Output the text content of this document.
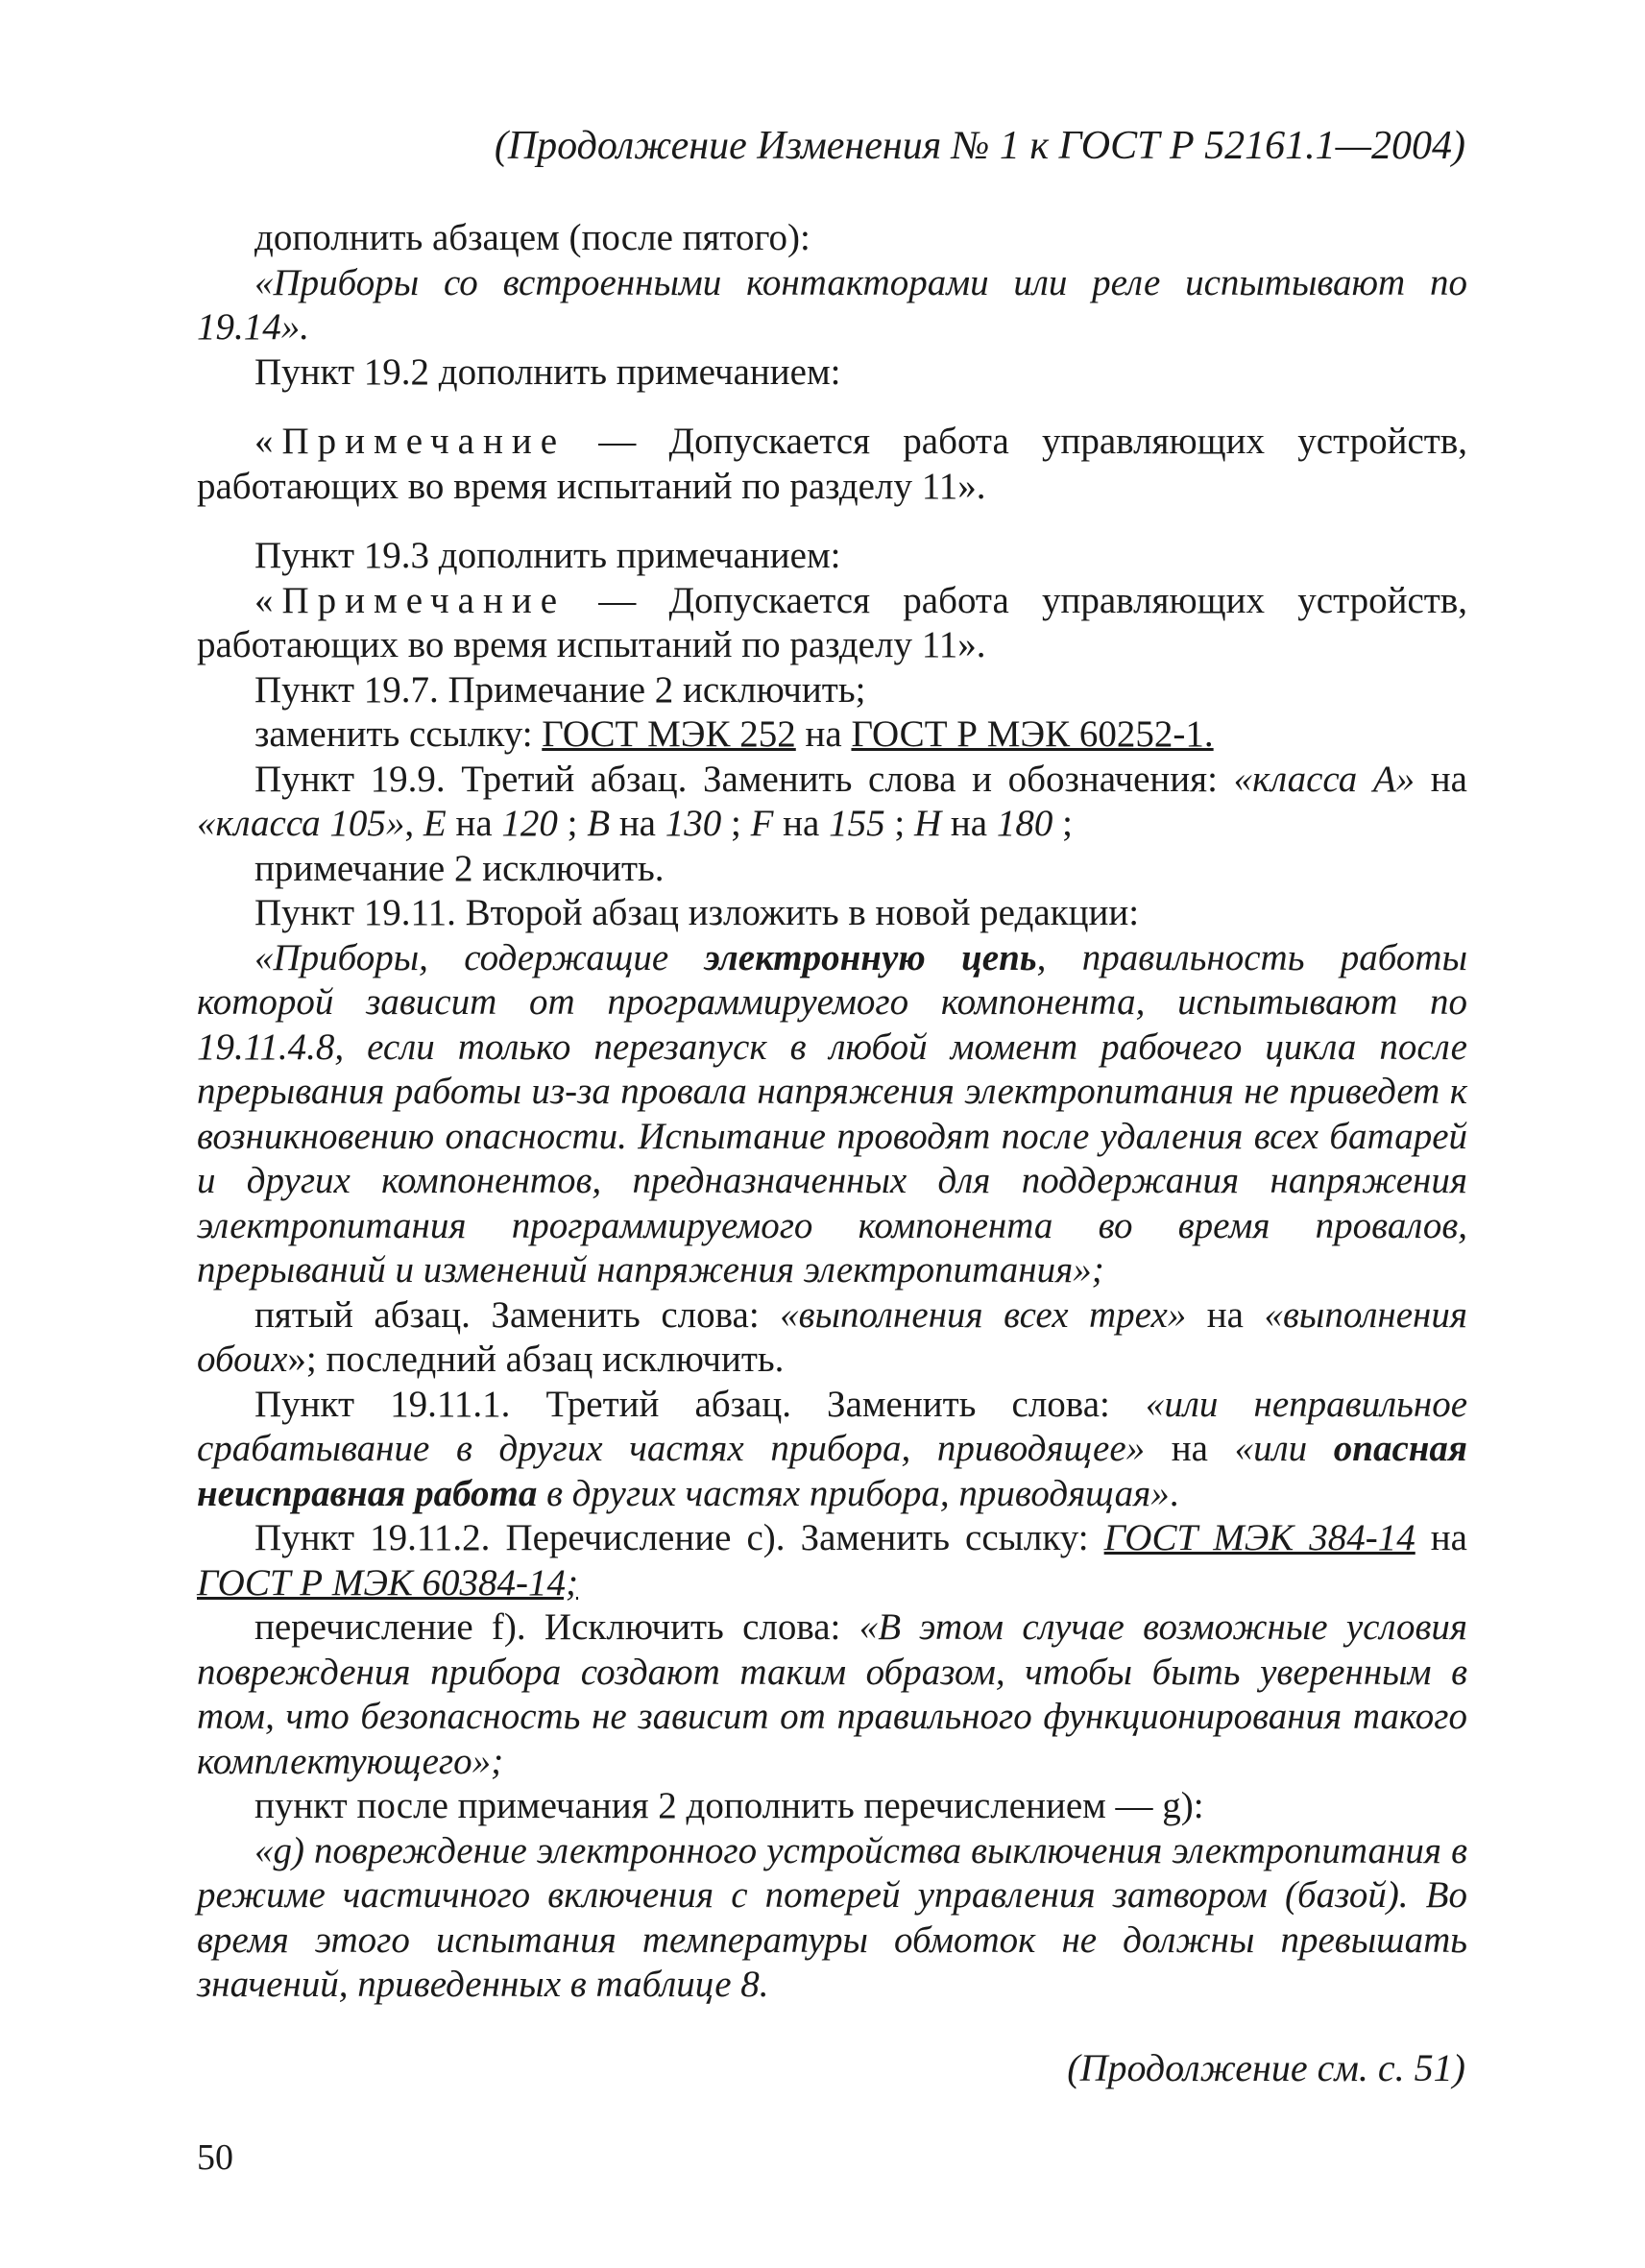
(Продолжение Изменения № 1 к ГОСТ Р 52161.1—2004)

дополнить абзацем (после пятого):

«Приборы со встроенными контакторами или реле испытывают по 19.14».

Пункт 19.2 дополнить примечанием:

«Примечание — Допускается работа управляющих устройств, работающих во время испытаний по разделу 11».

Пункт 19.3 дополнить примечанием:

«Примечание — Допускается работа управляющих устройств, работающих во время испытаний по разделу 11».

Пункт 19.7. Примечание 2 исключить;

заменить ссылку: ГОСТ МЭК 252 на ГОСТ Р МЭК 60252-1.

Пункт 19.9. Третий абзац. Заменить слова и обозначения: «класса А» на «класса 105», Е на 120 ; В на 130 ; F на 155 ; Н на 180 ;

примечание 2 исключить.

Пункт 19.11. Второй абзац изложить в новой редакции:

«Приборы, содержащие электронную цепь, правильность работы которой зависит от программируемого компонента, испытывают по 19.11.4.8, если только перезапуск в любой момент рабочего цикла после прерывания работы из-за провала напряжения электропитания не приведет к возникновению опасности. Испытание проводят после удаления всех батарей и других компонентов, предназначенных для поддержания напряжения электропитания программируемого компонента во время провалов, прерываний и изменений напряжения электропитания»;

пятый абзац. Заменить слова: «выполнения всех трех» на «выполнения обоих»; последний абзац исключить.

Пункт 19.11.1. Третий абзац. Заменить слова: «или неправильное срабатывание в других частях прибора, приводящее» на «или опасная неисправная работа в других частях прибора, приводящая».

Пункт 19.11.2. Перечисление с). Заменить ссылку: ГОСТ МЭК 384-14 на ГОСТ Р МЭК 60384-14;

перечисление f). Исключить слова: «В этом случае возможные условия повреждения прибора создают таким образом, чтобы быть уверенным в том, что безопасность не зависит от правильного функционирования такого комплектующего»;

пункт после примечания 2 дополнить перечислением — g):

«g) повреждение электронного устройства выключения электропитания в режиме частичного включения с потерей управления затвором (базой). Во время этого испытания температуры обмоток не должны превышать значений, приведенных в таблице 8.

(Продолжение см. с. 51)
50
